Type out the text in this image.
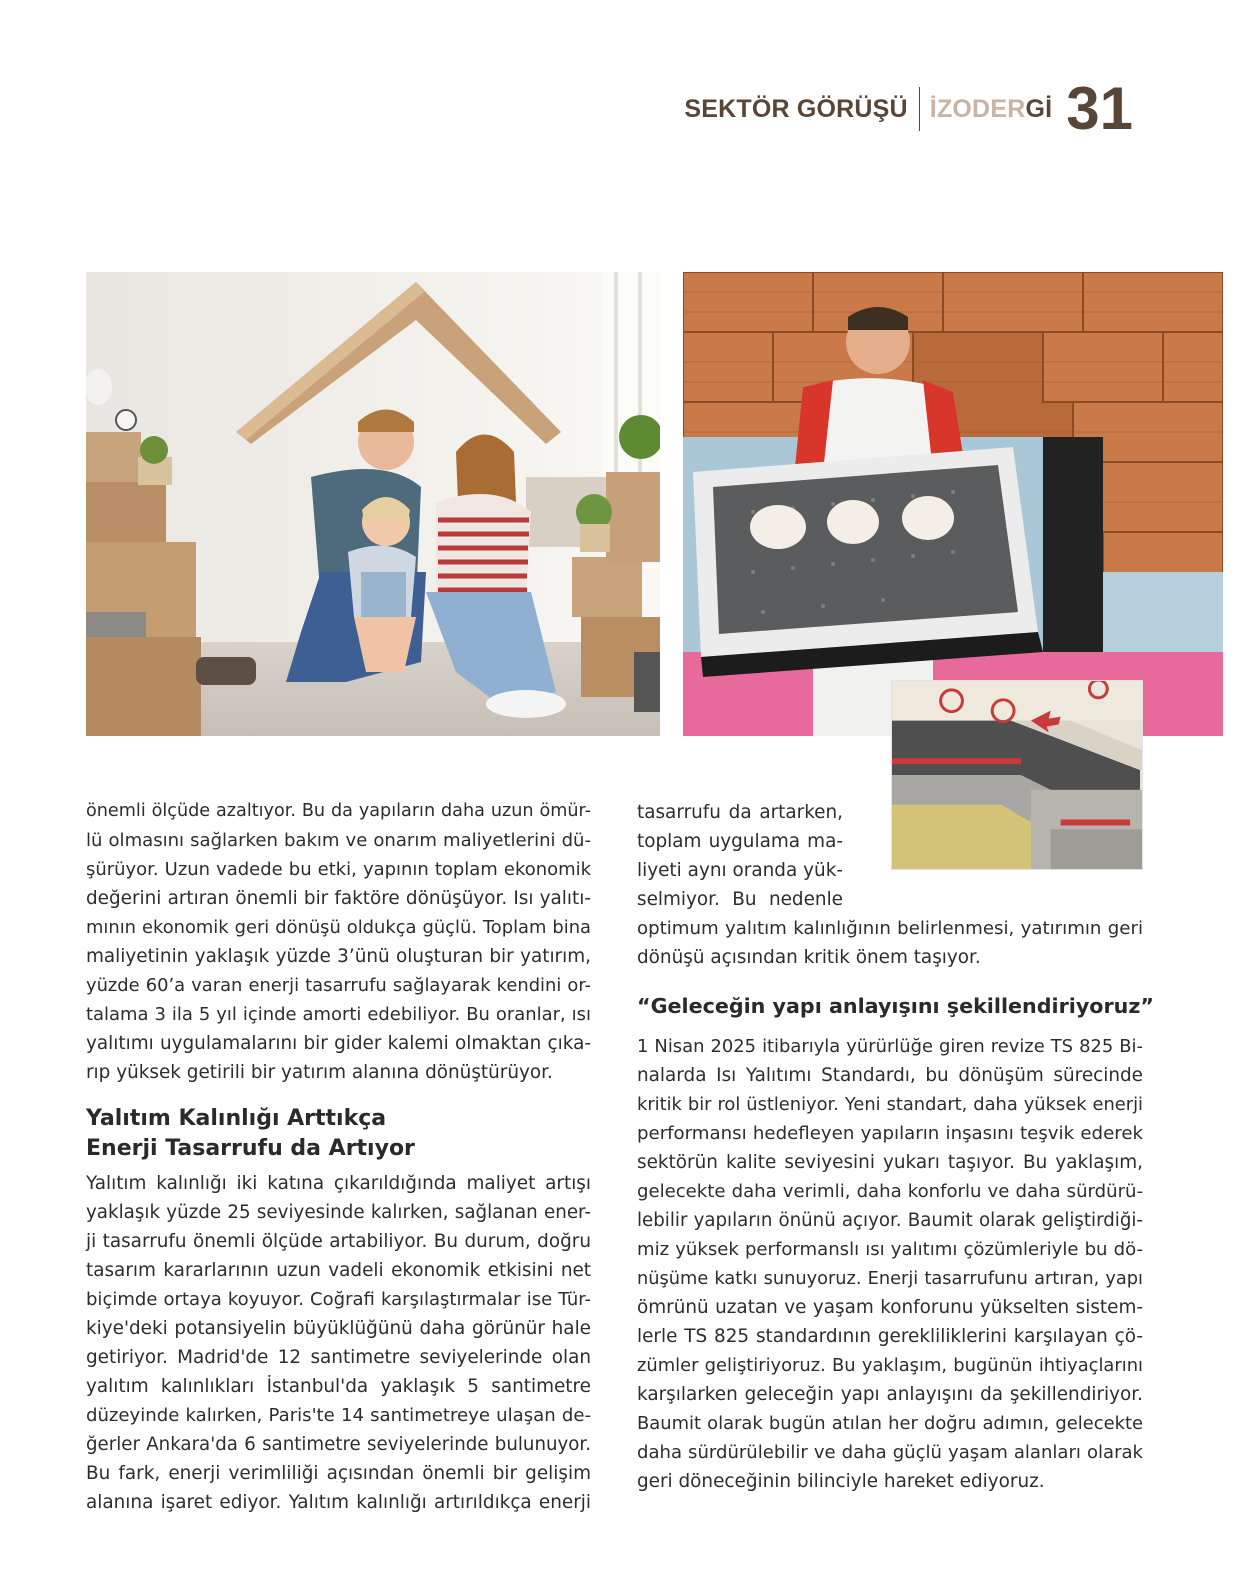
SEKTÖR GÖRÜŞÜ İZODERGİ 31
önemli ölçüde azaltıyor. Bu da yapıların daha uzun ömür-
lü olmasını sağlarken bakım ve onarım maliyetlerini dü-
şürüyor. Uzun vadede bu etki, yapının toplam ekonomik
değerini artıran önemli bir faktöre dönüşüyor. Isı yalıtı-
mının ekonomik geri dönüşü oldukça güçlü. Toplam bina
maliyetinin yaklaşık yüzde 3’ünü oluşturan bir yatırım,
yüzde 60’a varan enerji tasarrufu sağlayarak kendini or-
talama 3 ila 5 yıl içinde amorti edebiliyor. Bu oranlar, ısı
yalıtımı uygulamalarını bir gider kalemi olmaktan çıka-
rıp yüksek getirili bir yatırım alanına dönüştürüyor.
Yalıtım Kalınlığı Arttıkça
Enerji Tasarrufu da Artıyor
Yalıtım kalınlığı iki katına çıkarıldığında maliyet artışı
yaklaşık yüzde 25 seviyesinde kalırken, sağlanan ener-
ji tasarrufu önemli ölçüde artabiliyor. Bu durum, doğru
tasarım kararlarının uzun vadeli ekonomik etkisini net
biçimde ortaya koyuyor. Coğrafi karşılaştırmalar ise Tür-
kiye'deki potansiyelin büyüklüğünü daha görünür hale
getiriyor. Madrid'de 12 santimetre seviyelerinde olan
yalıtım kalınlıkları İstanbul'da yaklaşık 5 santimetre
düzeyinde kalırken, Paris'te 14 santimetreye ulaşan de-
ğerler Ankara'da 6 santimetre seviyelerinde bulunuyor.
Bu fark, enerji verimliliği açısından önemli bir gelişim
alanına işaret ediyor. Yalıtım kalınlığı artırıldıkça enerji
tasarrufu da artarken,
toplam uygulama ma-
liyeti aynı oranda yük-
selmiyor. Bu nedenle
optimum yalıtım kalınlığının belirlenmesi, yatırımın geri
dönüşü açısından kritik önem taşıyor.
“Geleceğin yapı anlayışını şekillendiriyoruz”
1 Nisan 2025 itibarıyla yürürlüğe giren revize TS 825 Bi-
nalarda Isı Yalıtımı Standardı, bu dönüşüm sürecinde
kritik bir rol üstleniyor. Yeni standart, daha yüksek enerji
performansı hedefleyen yapıların inşasını teşvik ederek
sektörün kalite seviyesini yukarı taşıyor. Bu yaklaşım,
gelecekte daha verimli, daha konforlu ve daha sürdürü-
lebilir yapıların önünü açıyor. Baumit olarak geliştirdiği-
miz yüksek performanslı ısı yalıtımı çözümleriyle bu dö-
nüşüme katkı sunuyoruz. Enerji tasarrufunu artıran, yapı
ömrünü uzatan ve yaşam konforunu yükselten sistem-
lerle TS 825 standardının gerekliliklerini karşılayan çö-
zümler geliştiriyoruz. Bu yaklaşım, bugünün ihtiyaçlarını
karşılarken geleceğin yapı anlayışını da şekillendiriyor.
Baumit olarak bugün atılan her doğru adımın, gelecekte
daha sürdürülebilir ve daha güçlü yaşam alanları olarak
geri döneceğinin bilinciyle hareket ediyoruz.
